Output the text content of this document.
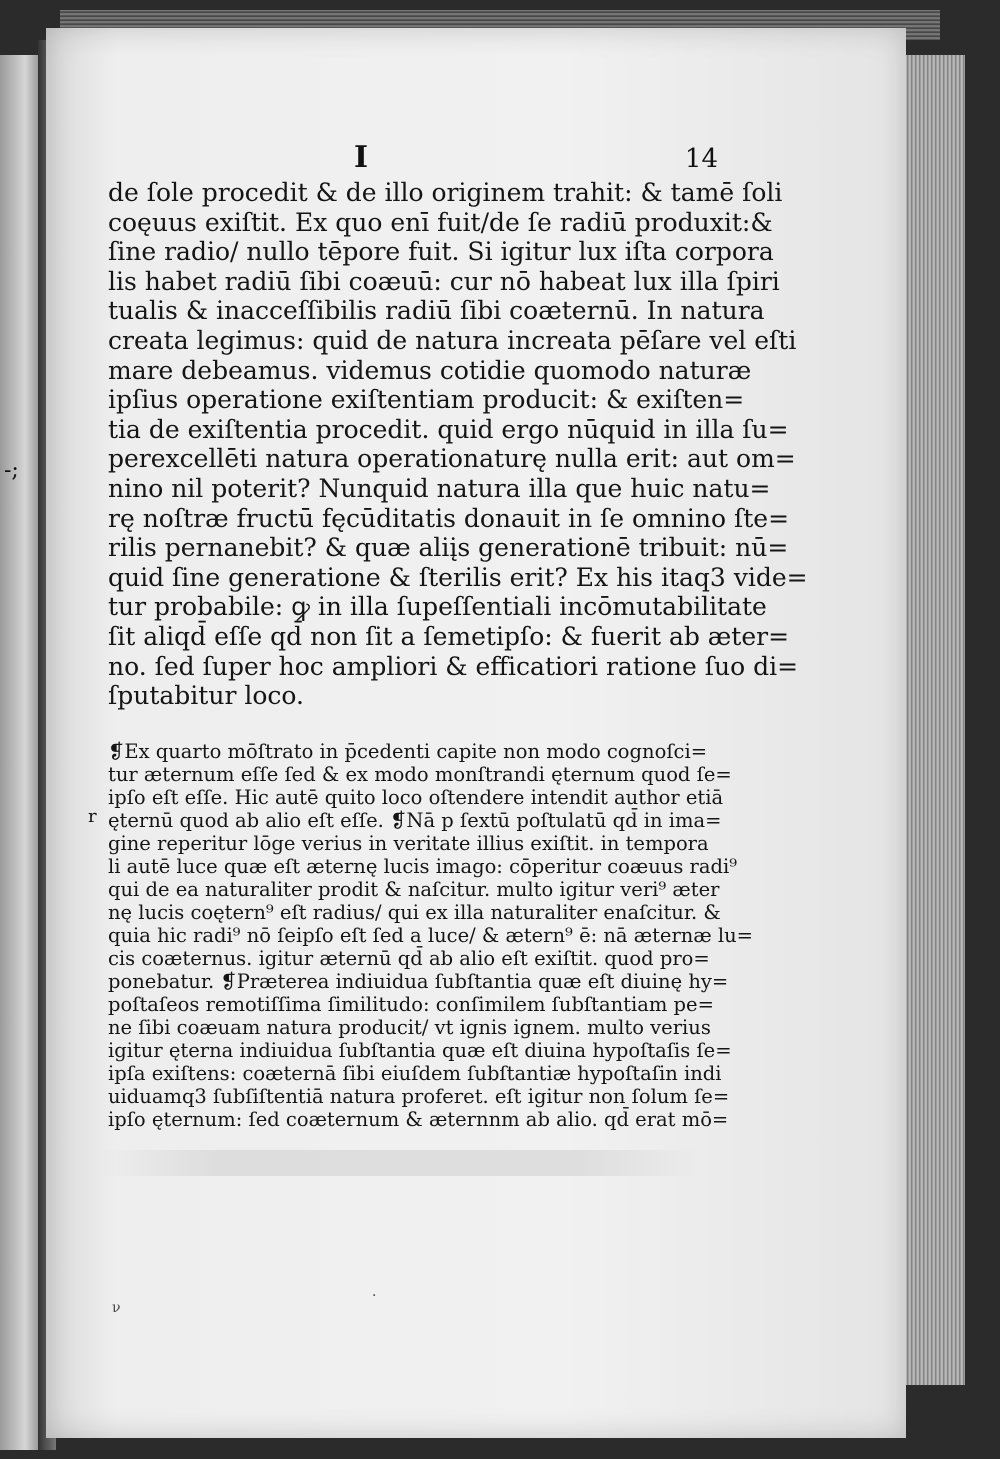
-;
I	14
de ſole procedit & de illo originem trahit: & tamē ſoli
coęuus exiſtit. Ex quo enī fuit/de ſe radiū produxit:&
ſine radio/ nullo tēpore fuit. Si igitur lux iſta corpora
lis habet radiū ſibi coæuū: cur nō habeat lux illa ſpiri
tualis & inacceſſibilis radiū ſibi coæternū. In natura
creata legimus: quid de natura increata pēſare vel eſti
mare debeamus. videmus cotidie quomodo naturæ
ipſius operatione exiſtentiam producit: & exiſten=
tia de exiſtentia procedit. quid ergo nūquid in illa ſu=
perexcellēti natura operationaturę nulla erit: aut om=
nino nil poterit? Nunquid natura illa que huic natu=
rę noſtræ fructū fęcūditatis donauit in ſe omnino ſte=
rilis pernanebit? & quæ aliįs generationē tribuit: nū=
quid ſine generatione & ſterilis erit? Ex his itaq3 vide=
tur probabile: ꝙ in illa ſupeſſentiali incōmutabilitate
ſit aliqd̄ eſſe qd̄ non ſit a ſemetipſo: & fuerit ab æter=
no. ſed ſuper hoc ampliori & efficatiori ratione ſuo di=
ſputabitur loco.
r
❡Ex quarto mōſtrato in p̄cedenti capite non modo cognoſci=
tur æternum eſſe ſed & ex modo monſtrandi ęternum quod ſe=
ipſo eſt eſſe. Hic autē quito loco oſtendere intendit author etiā
ęternū quod ab alio eſt eſſe. ❡Nā p ſextū poſtulatū qd̄ in ima=
gine reperitur lōge verius in veritate illius exiſtit. in tempora
li autē luce quæ eſt æternę lucis imago: cōperitur coæuus radi⁹
qui de ea naturaliter prodit & naſcitur. multo igitur veri⁹ æter
nę lucis coętern⁹ eſt radius/ qui ex illa naturaliter enaſcitur. &
quia hic radi⁹ nō ſeipſo eſt ſed a luce/ & ætern⁹ ē: nā æternæ lu=
cis coæternus. igitur æternū qd̄ ab alio eſt exiſtit. quod pro=
ponebatur. ❡Præterea indiuidua ſubſtantia quæ eſt diuinę hy=
poſtaſeos remotiſſima ſimilitudo: conſimilem ſubſtantiam pe=
ne ſibi coæuam natura producit/ vt ignis ignem. multo verius
igitur ęterna indiuidua ſubſtantia quæ eſt diuina hypoſtaſis ſe=
ipſa exiſtens: coæternā ſibi eiuſdem ſubſtantiæ hypoſtaſin indi
uiduamq3 ſubſiſtentiā natura proferet. eſt igitur non ſolum ſe=
ipſo ęternum: ſed coæternum & æternnm ab alio. qd̄ erat mō=
ν
·
